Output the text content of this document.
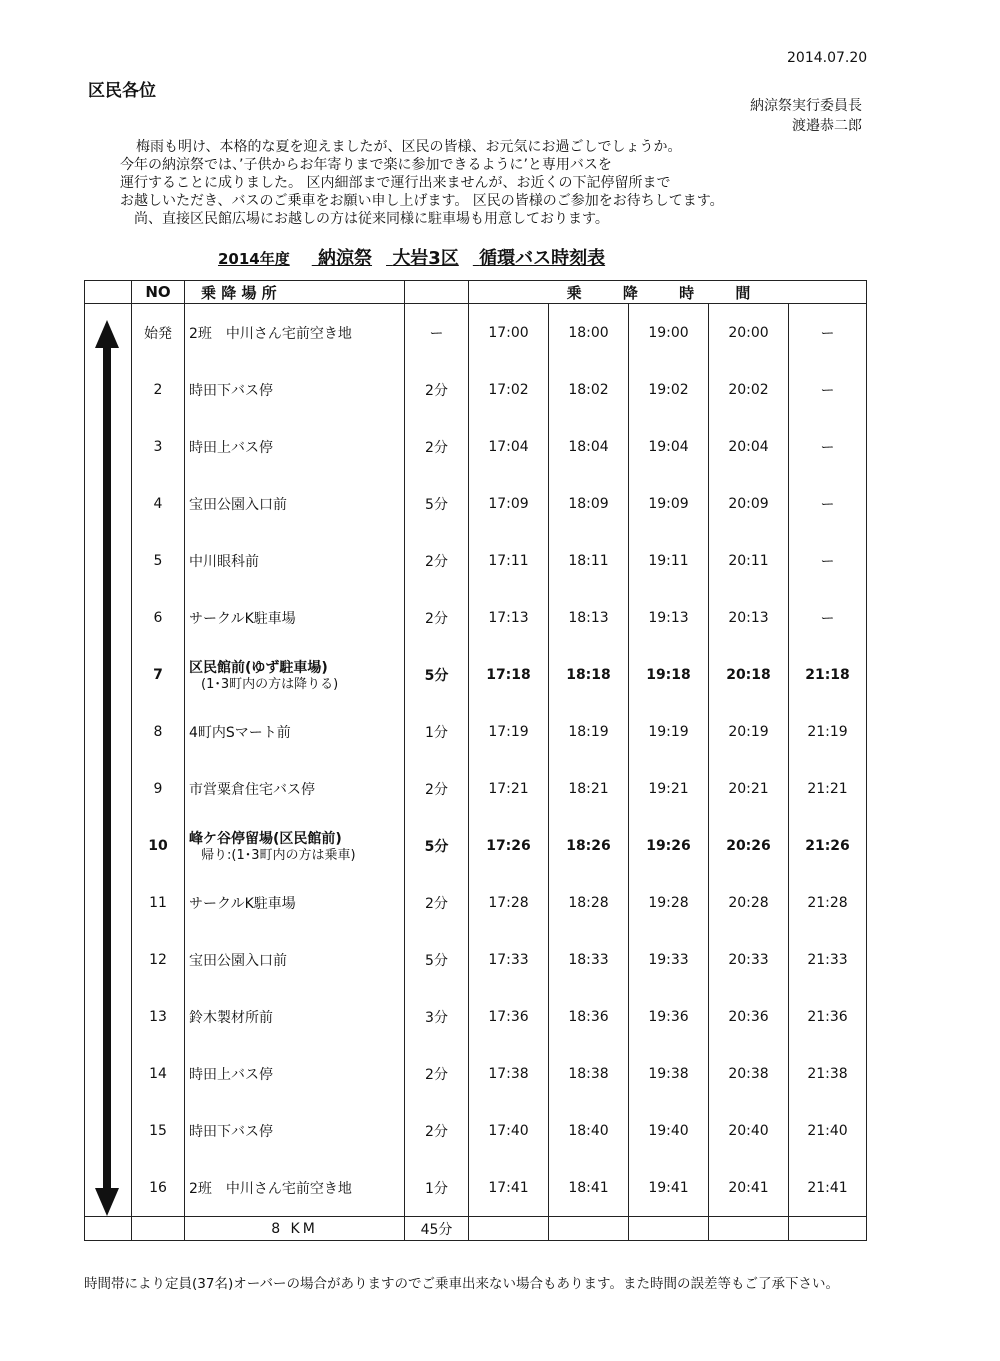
2014.07.20
区民各位
納涼祭実行委員長
渡邉恭二郎
梅雨も明け、本格的な夏を迎えましたが、区民の皆様、お元気にお過ごしでしょうか。
今年の納涼祭では、’子供からお年寄りまで楽に参加できるように’と専用バスを
運行することに成りました。 区内細部まで運行出来ませんが、お近くの下記停留所まで
お越しいただき、バスのご乗車をお願い申し上げます。 区民の皆様のご参加をお待ちしてます。
尚、直接区民館広場にお越しの方は従来同様に駐車場も用意しております。
2014年度 納涼祭 大岩3区 循環バス時刻表
	NO	乗 降 場 所		乗 降 時 間				
	始発	2班　中川さん宅前空き地	ー	17:00	18:00	19:00	20:00	ー
	2	時田下バス停	2分	17:02	18:02	19:02	20:02	ー
	3	時田上バス停	2分	17:04	18:04	19:04	20:04	ー
	4	宝田公園入口前	5分	17:09	18:09	19:09	20:09	ー
	5	中川眼科前	2分	17:11	18:11	19:11	20:11	ー
	6	サークルK駐車場	2分	17:13	18:13	19:13	20:13	ー
	7	区民館前(ゆず駐車場)
(1･3町内の方は降りる)	5分	17:18	18:18	19:18	20:18	21:18
	8	4町内Sマート前	1分	17:19	18:19	19:19	20:19	21:19
	9	市営粟倉住宅バス停	2分	17:21	18:21	19:21	20:21	21:21
	10	峰ケ谷停留場(区民館前)
帰り:(1･3町内の方は乗車)	5分	17:26	18:26	19:26	20:26	21:26
	11	サークルK駐車場	2分	17:28	18:28	19:28	20:28	21:28
	12	宝田公園入口前	5分	17:33	18:33	19:33	20:33	21:33
	13	鈴木製材所前	3分	17:36	18:36	19:36	20:36	21:36
	14	時田上バス停	2分	17:38	18:38	19:38	20:38	21:38
	15	時田下バス停	2分	17:40	18:40	19:40	20:40	21:40
	16	2班　中川さん宅前空き地	1分	17:41	18:41	19:41	20:41	21:41
		8 KM	45分					
時間帯により定員(37名)オーバーの場合がありますのでご乗車出来ない場合もあります。また時間の誤差等もご了承下さい。
